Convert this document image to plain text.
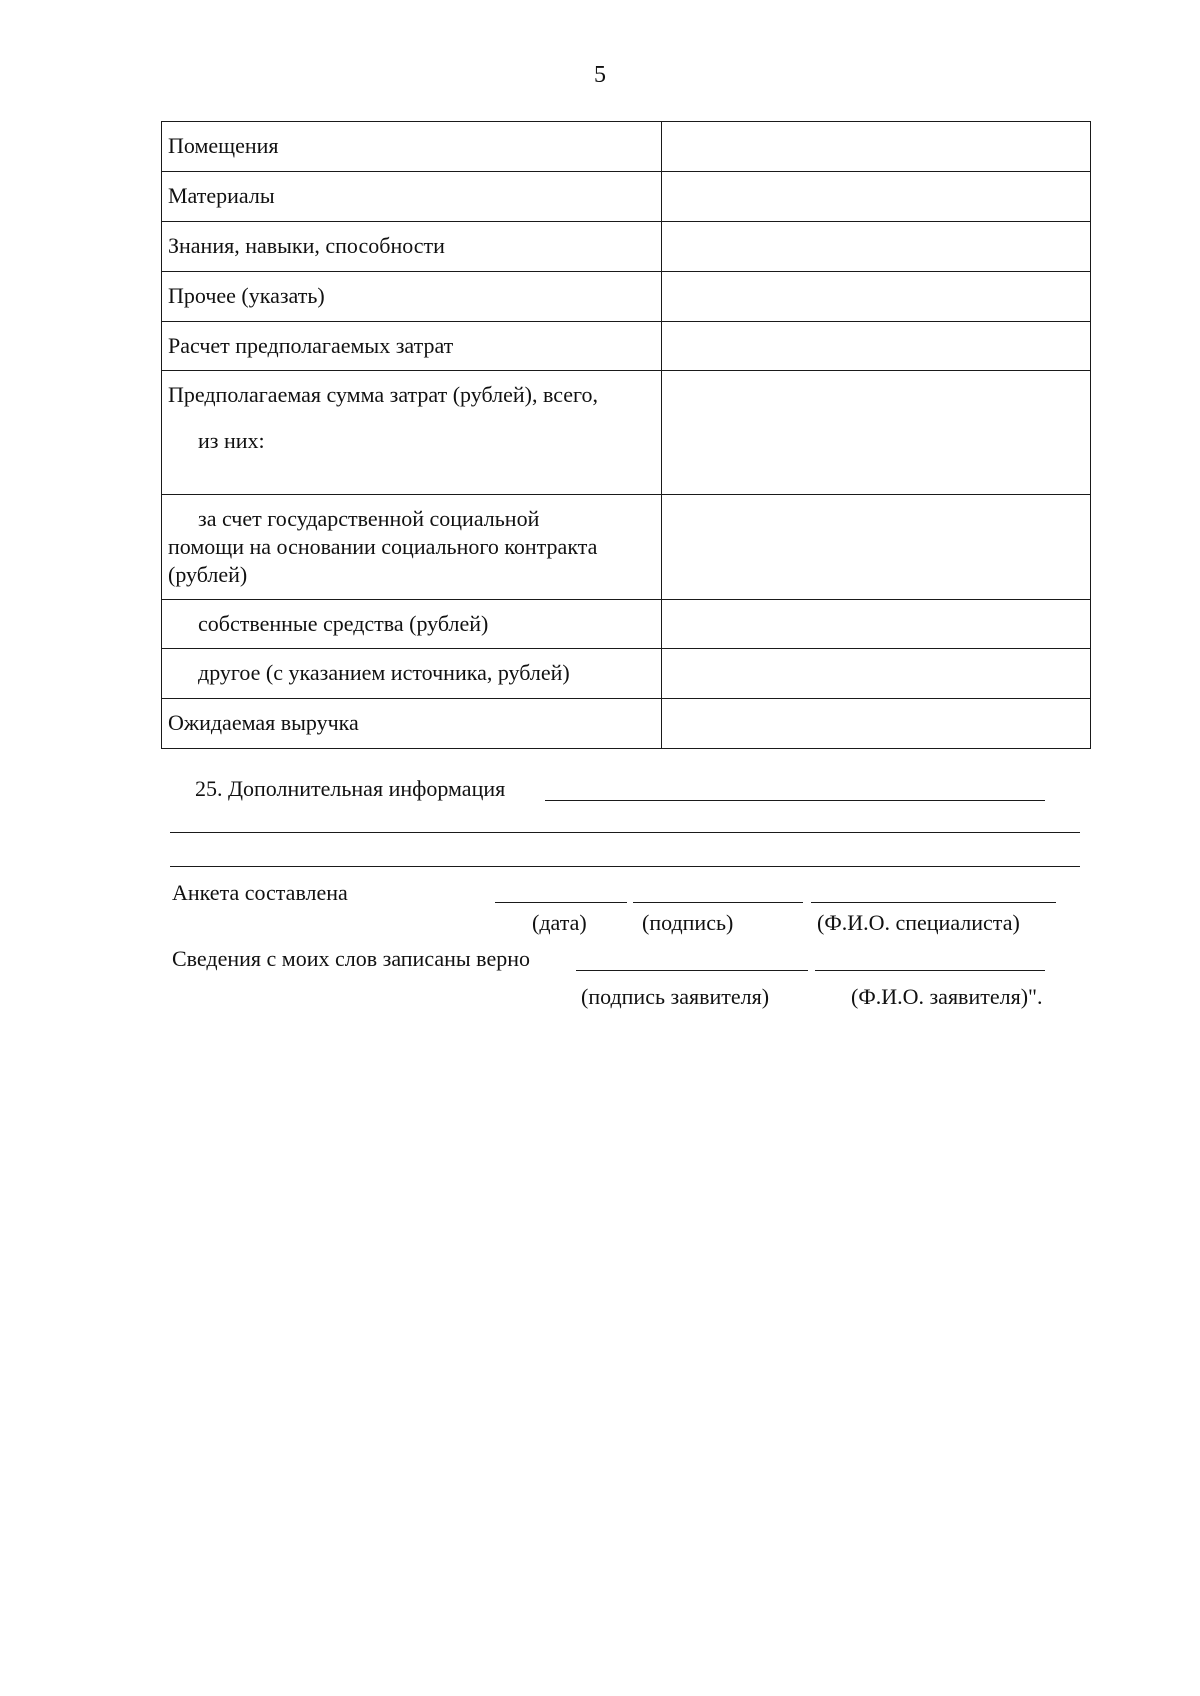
5
Помещения	
Материалы	
Знания, навыки, способности	
Прочее (указать)	
Расчет предполагаемых затрат	
Предполагаемая сумма затрат (рублей), всего,
из них:	

за счет государственной социальной
помощи на основании социального контракта (рублей)	

собственные средства (рублей)	

другое (с указанием источника, рублей)	

Ожидаемая выручка	
25. Дополнительная информация
Анкета составлена
(дата)	(подпись)	(Ф.И.О. специалиста)
Сведения с моих слов записаны верно
(подпись заявителя)	(Ф.И.О. заявителя)".
